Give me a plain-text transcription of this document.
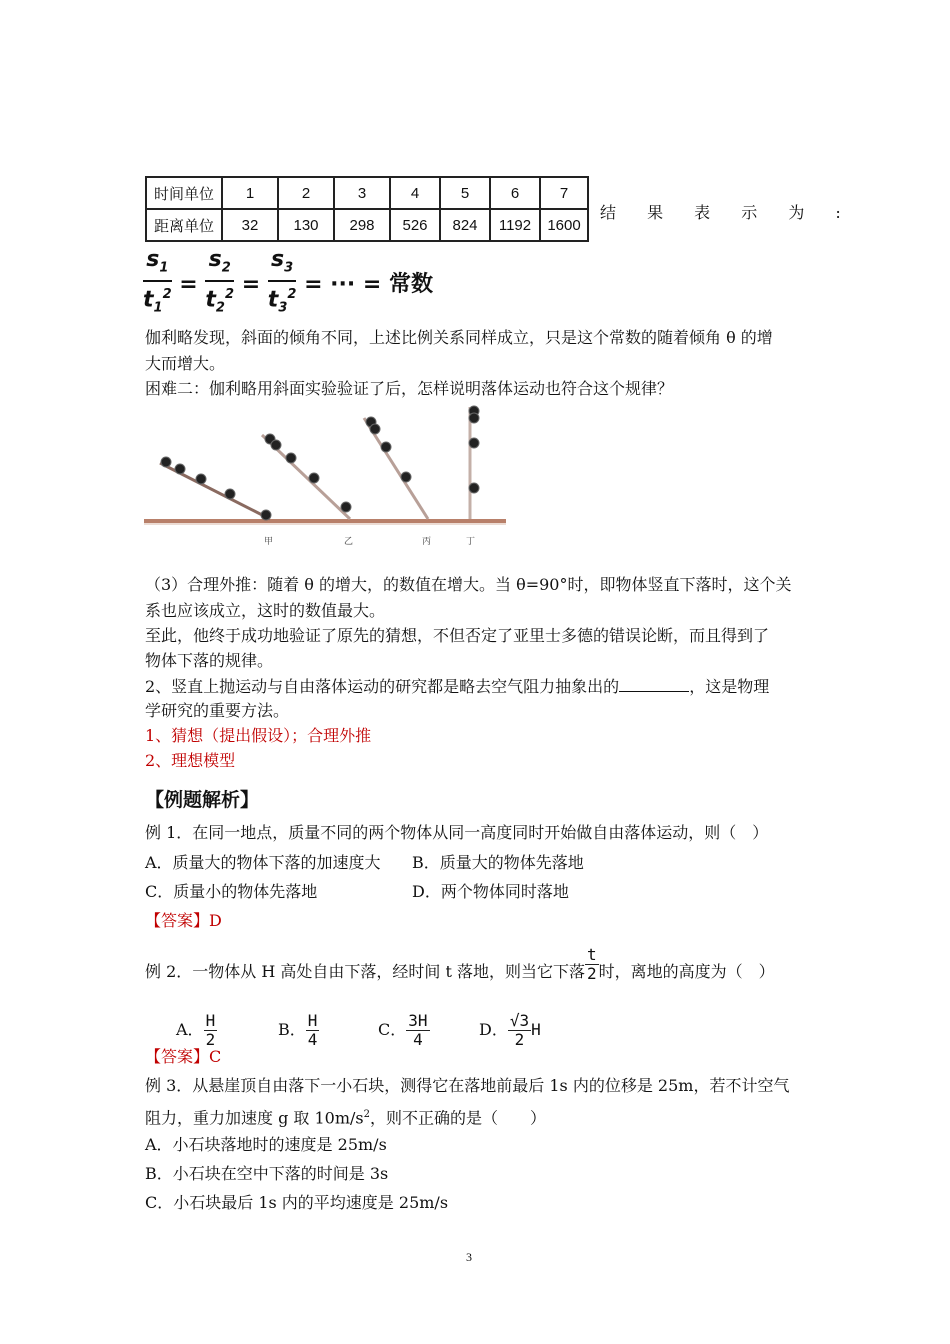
时间单位	1	2	3	4	5	6	7
距离单位	32	130	298	526	824	1192	1600
结 果 表 示 为 :
$\frac{s_1}{t_1^2} = \frac{s_2}{t_2^2} = \frac{s_3}{t_3^2}$ = ··· = 常数
伽利略发现，斜面的倾角不同，上述比例关系同样成立，只是这个常数的随着倾角 θ 的增
大而增大。
困难二：伽利略用斜面实验验证了后，怎样说明落体运动也符合这个规律？
甲	乙	丙	丁
（3）合理外推：随着 θ 的增大，的数值在增大。当 θ=90°时，即物体竖直下落时，这个关
系也应该成立，这时的数值最大。
至此，他终于成功地验证了原先的猜想，不但否定了亚里士多德的错误论断，而且得到了
物体下落的规律。
2、竖直上抛运动与自由落体运动的研究都是略去空气阻力抽象出的	，这是物理
学研究的重要方法。
1、猜想（提出假设）；合理外推
2、理想模型
【例题解析】
例 1．在同一地点，质量不同的两个物体从同一高度同时开始做自由落体运动，则（　）
A．质量大的物体下落的加速度大 B．质量大的物体先落地
C．质量小的物体先落地	D．两个物体同时落地
【答案】D
例 2．一物体从 H 高处自由下落，经时间 t 落地，则当它下落 $\frac{t}{2}$ 时，离地的高度为（　）
A． $\frac{H}{2}$	B． $\frac{H}{4}$	C． $\frac{3H}{4}$	D． $\frac{√3}{2}$ H
【答案】C
例 3．从悬崖顶自由落下一小石块，测得它在落地前最后 1s 内的位移是 25m，若不计空气
阻力，重力加速度 g 取 $10m/s^2$，则不正确的是（　　）
A．小石块落地时的速度是 25m/s
B．小石块在空中下落的时间是 3s
C．小石块最后 1s 内的平均速度是 25m/s
3
